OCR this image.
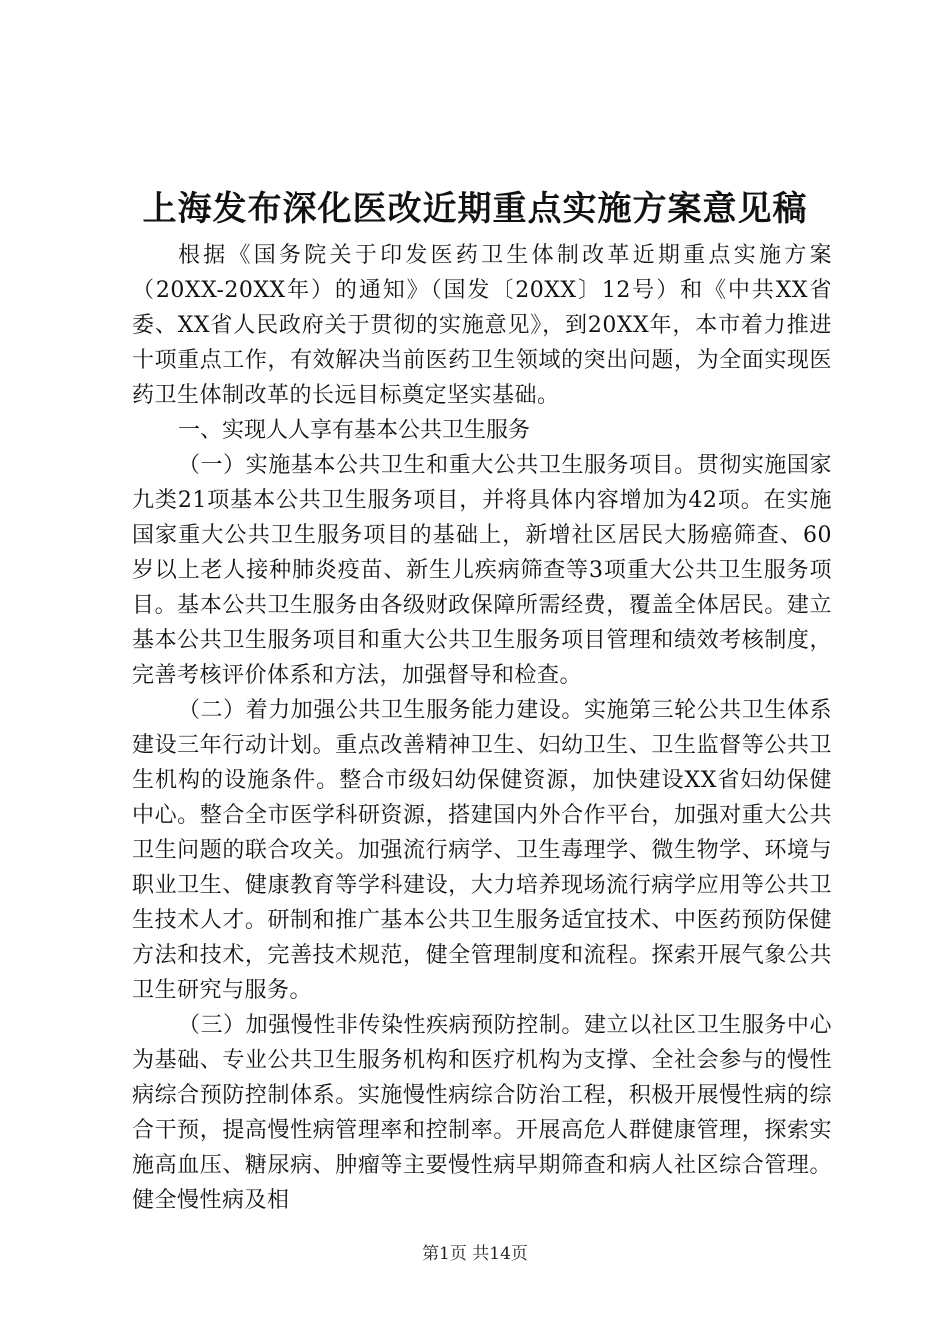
上海发布深化医改近期重点实施方案意见稿

根据《国务院关于印发医药卫生体制改革近期重点实施方案（20XX-20XX年）的通知》（国发〔20XX〕12号）和《中共XX省委、XX省人民政府关于贯彻的实施意见》，到20XX年，本市着力推进十项重点工作，有效解决当前医药卫生领域的突出问题，为全面实现医药卫生体制改革的长远目标奠定坚实基础。

一、实现人人享有基本公共卫生服务

（一）实施基本公共卫生和重大公共卫生服务项目。贯彻实施国家九类21项基本公共卫生服务项目，并将具体内容增加为42项。在实施国家重大公共卫生服务项目的基础上，新增社区居民大肠癌筛查、60岁以上老人接种肺炎疫苗、新生儿疾病筛查等3项重大公共卫生服务项目。基本公共卫生服务由各级财政保障所需经费，覆盖全体居民。建立基本公共卫生服务项目和重大公共卫生服务项目管理和绩效考核制度，完善考核评价体系和方法，加强督导和检查。

（二）着力加强公共卫生服务能力建设。实施第三轮公共卫生体系建设三年行动计划。重点改善精神卫生、妇幼卫生、卫生监督等公共卫生机构的设施条件。整合市级妇幼保健资源，加快建设XX省妇幼保健中心。整合全市医学科研资源，搭建国内外合作平台，加强对重大公共卫生问题的联合攻关。加强流行病学、卫生毒理学、微生物学、环境与职业卫生、健康教育等学科建设，大力培养现场流行病学应用等公共卫生技术人才。研制和推广基本公共卫生服务适宜技术、中医药预防保健方法和技术，完善技术规范，健全管理制度和流程。探索开展气象公共卫生研究与服务。

（三）加强慢性非传染性疾病预防控制。建立以社区卫生服务中心为基础、专业公共卫生服务机构和医疗机构为支撑、全社会参与的慢性病综合预防控制体系。实施慢性病综合防治工程，积极开展慢性病的综合干预，提高慢性病管理率和控制率。开展高危人群健康管理，探索实施高血压、糖尿病、肿瘤等主要慢性病早期筛查和病人社区综合管理。健全慢性病及相

第1页 共14页
